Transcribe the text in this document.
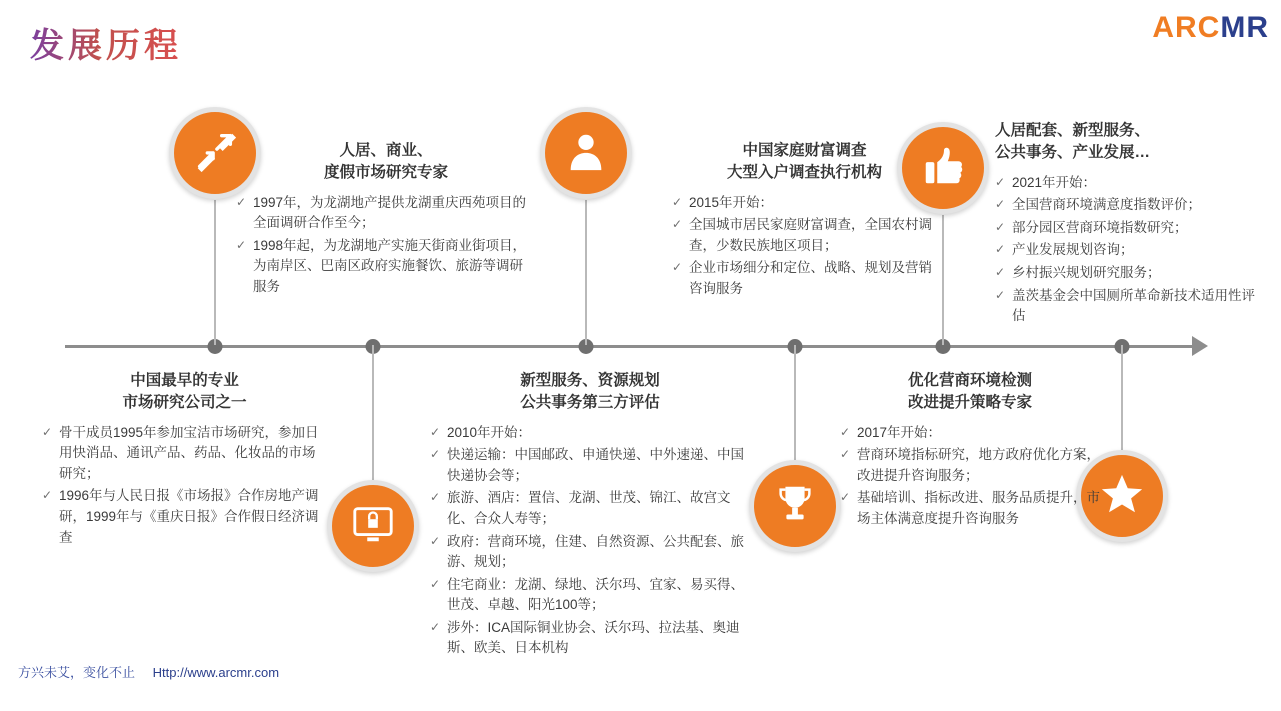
ARCMR
发展历程
中国最早的专业
市场研究公司之一
✓ 骨干成员1995年参加宝洁市场研究，参加日用快消品、通讯产品、药品、化妆品的市场研究；
✓ 1996年与人民日报《市场报》合作房地产调研，1999年与《重庆日报》合作假日经济调查
人居、商业、
度假市场研究专家
✓ 1997年，为龙湖地产提供龙湖重庆西苑项目的全面调研合作至今；
✓ 1998年起，为龙湖地产实施天街商业街项目，为南岸区、巴南区政府实施餐饮、旅游等调研服务
新型服务、资源规划
公共事务第三方评估
✓ 2010年开始：
✓ 快递运输：中国邮政、申通快递、中外速递、中国快递协会等；
✓ 旅游、酒店：置信、龙湖、世茂、锦江、故宫文化、合众人寿等；
✓ 政府：营商环境，住建、自然资源、公共配套、旅游、规划；
✓ 住宅商业：龙湖、绿地、沃尔玛、宜家、易买得、世茂、卓越、阳光100等；
✓ 涉外：ICA国际铜业协会、沃尔玛、拉法基、奥迪斯、欧美、日本机构
中国家庭财富调查
大型入户调查执行机构
✓ 2015年开始：
✓ 全国城市居民家庭财富调查，全国农村调查，少数民族地区项目；
✓ 企业市场细分和定位、战略、规划及营销咨询服务
优化营商环境检测
改进提升策略专家
✓ 2017年开始：
✓ 营商环境指标研究，地方政府优化方案，改进提升咨询服务；
✓ 基础培训、指标改进、服务品质提升，市场主体满意度提升咨询服务
人居配套、新型服务、
公共事务、产业发展…
✓ 2021年开始：
✓ 全国营商环境满意度指数评价；
✓ 部分园区营商环境指数研究；
✓ 产业发展规划咨询；
✓ 乡村振兴规划研究服务；
✓ 盖茨基金会中国厕所革命新技术适用性评估
方兴未艾，变化不止 Http://www.arcmr.com
